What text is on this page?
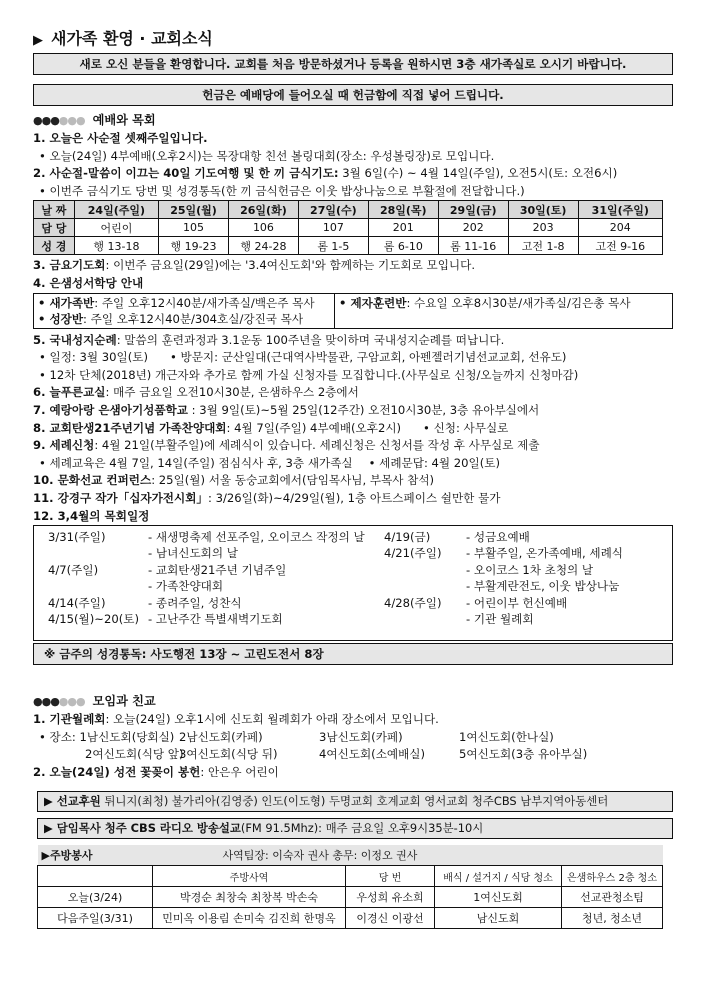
▶ 새가족 환영 · 교회소식
새로 오신 분들을 환영합니다. 교회를 처음 방문하셨거나 등록을 원하시면 3층 새가족실로 오시기 바랍니다.
헌금은 예배당에 들어오실 때 헌금함에 직접 넣어 드립니다.
●●●●●● 예배와 목회
1. 오늘은 사순절 셋째주일입니다.
• 오늘(24일) 4부예배(오후2시)는 목장대항 친선 볼링대회(장소: 우성볼링장)로 모입니다.
2. 사순절-말씀이 이끄는 40일 기도여행 및 한 끼 금식기도: 3월 6일(수) ~ 4월 14일(주일), 오전5시(토: 오전6시)
• 이번주 금식기도 당번 및 성경통독(한 끼 금식헌금은 이웃 밥상나눔으로 부활절에 전달합니다.)
날 짜	24일(주일)	25일(월)	26일(화)	27일(수)	28일(목)	29일(금)	30일(토)	31일(주일)
담 당	어린이	105	106	107	201	202	203	204
성 경	행 13-18	행 19-23	행 24-28	롬 1-5	롬 6-10	롬 11-16	고전 1-8	고전 9-16
3. 금요기도회: 이번주 금요일(29일)에는 '3.4여신도회'와 함께하는 기도회로 모입니다.
4. 은샘성서학당 안내
• 새가족반: 주일 오후12시40분/새가족실/백은주 목사
• 성장반: 주일 오후12시40분/304호실/강진국 목사
• 제자훈련반: 수요일 오후8시30분/새가족실/김은총 목사
5. 국내성지순례: 말씀의 훈련과정과 3.1운동 100주년을 맞이하며 국내성지순례를 떠납니다.
• 일정: 3월 30일(토) • 방문지: 군산일대(근대역사박물관, 구암교회, 아펜젤러기념선교교회, 선유도)
• 12차 단체(2018년) 개근자와 추가로 함께 가실 신청자를 모집합니다.(사무실로 신청/오늘까지 신청마감)
6. 늘푸른교실: 매주 금요일 오전10시30분, 은샘하우스 2층에서
7. 예랑아랑 은샘아기성품학교 : 3월 9일(토)~5월 25일(12주간) 오전10시30분, 3층 유아부실에서
8. 교회탄생21주년기념 가족찬양대회: 4월 7일(주일) 4부예배(오후2시) • 신청: 사무실로
9. 세례신청: 4월 21일(부활주일)에 세례식이 있습니다. 세례신청은 신청서를 작성 후 사무실로 제출
• 세례교육은 4월 7일, 14일(주일) 점심식사 후, 3층 새가족실 • 세례문답: 4월 20일(토)
10. 문화선교 컨퍼런스: 25일(월) 서울 동숭교회에서(담임목사님, 부목사 참석)
11. 강경구 작가「십자가전시회」: 3/26일(화)~4/29일(월), 1층 아트스페이스 쉴만한 물가
12. 3,4월의 목회일정
3/31(주일)	- 새생명축제 선포주일, 오이코스 작정의 날
- 남녀신도회의 날
4/7(주일)	- 교회탄생21주년 기념주일
- 가족찬양대회
4/14(주일)	- 종려주일, 성찬식
4/15(월)~20(토) - 고난주간 특별새벽기도회
4/19(금)	- 성금요예배
4/21(주일) - 부활주일, 온가족예배, 세례식
- 오이코스 1차 초청의 날
- 부활계란전도, 이웃 밥상나눔
4/28(주일) - 어린이부 헌신예배
- 기관 월례회
※ 금주의 성경통독: 사도행전 13장 ~ 고린도전서 8장
●●●●●● 모임과 친교
1. 기관월례회: 오늘(24일) 오후1시에 신도회 월례회가 아래 장소에서 모입니다.
• 장소: 1남신도회(당회실) 2남신도회(카페)	3남신도회(카페)	1여신도회(한나실)
2여신도회(식당 앞)
3여신도회(식당 뒤)	4여신도회(소예배실)	5여신도회(3층 유아부실)
2. 오늘(24일) 성전 꽃꽂이 봉헌: 안은우 어린이
▶ 선교후원 튀니지(최청) 불가리아(김영중) 인도(이도형) 두명교회 호계교회 영서교회 청주CBS 남부지역아동센터
▶ 담임목사 청주 CBS 라디오 방송설교(FM 91.5Mhz): 매주 금요일 오후9시35분-10시
▶주방봉사	사역팀장: 이숙자 권사 총무: 이정오 권사			
	주방사역	당 번	배식 / 설거지 / 식당 청소	은샘하우스 2층 청소
오늘(3/24)	박경순 최창숙 최창복 박손숙	우성희 유소희	1여신도회	선교관청소팀
다음주일(3/31)	민미옥 이용림 손미숙 김진희 한명옥	이경신 이광선	남신도회	청년, 청소년
